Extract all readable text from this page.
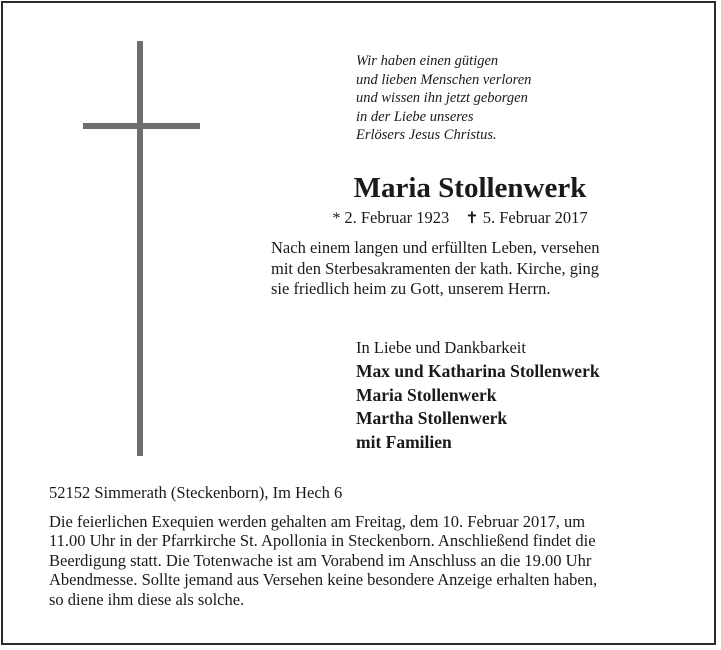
Wir haben einen gütigen
und lieben Menschen verloren
und wissen ihn jetzt geborgen
in der Liebe unseres
Erlösers Jesus Christus.
Maria Stollenwerk
* 2. Februar 1923 ✝ 5. Februar 2017
Nach einem langen und erfüllten Leben, versehen
mit den Sterbesakramenten der kath. Kirche, ging
sie friedlich heim zu Gott, unserem Herrn.
In Liebe und Dankbarkeit
Max und Katharina Stollenwerk
Maria Stollenwerk
Martha Stollenwerk
mit Familien
52152 Simmerath (Steckenborn), Im Hech 6
Die feierlichen Exequien werden gehalten am Freitag, dem 10. Februar 2017, um
11.00 Uhr in der Pfarrkirche St. Apollonia in Steckenborn. Anschließend findet die
Beerdigung statt. Die Totenwache ist am Vorabend im Anschluss an die 19.00 Uhr
Abendmesse. Sollte jemand aus Versehen keine besondere Anzeige erhalten haben,
so diene ihm diese als solche.
